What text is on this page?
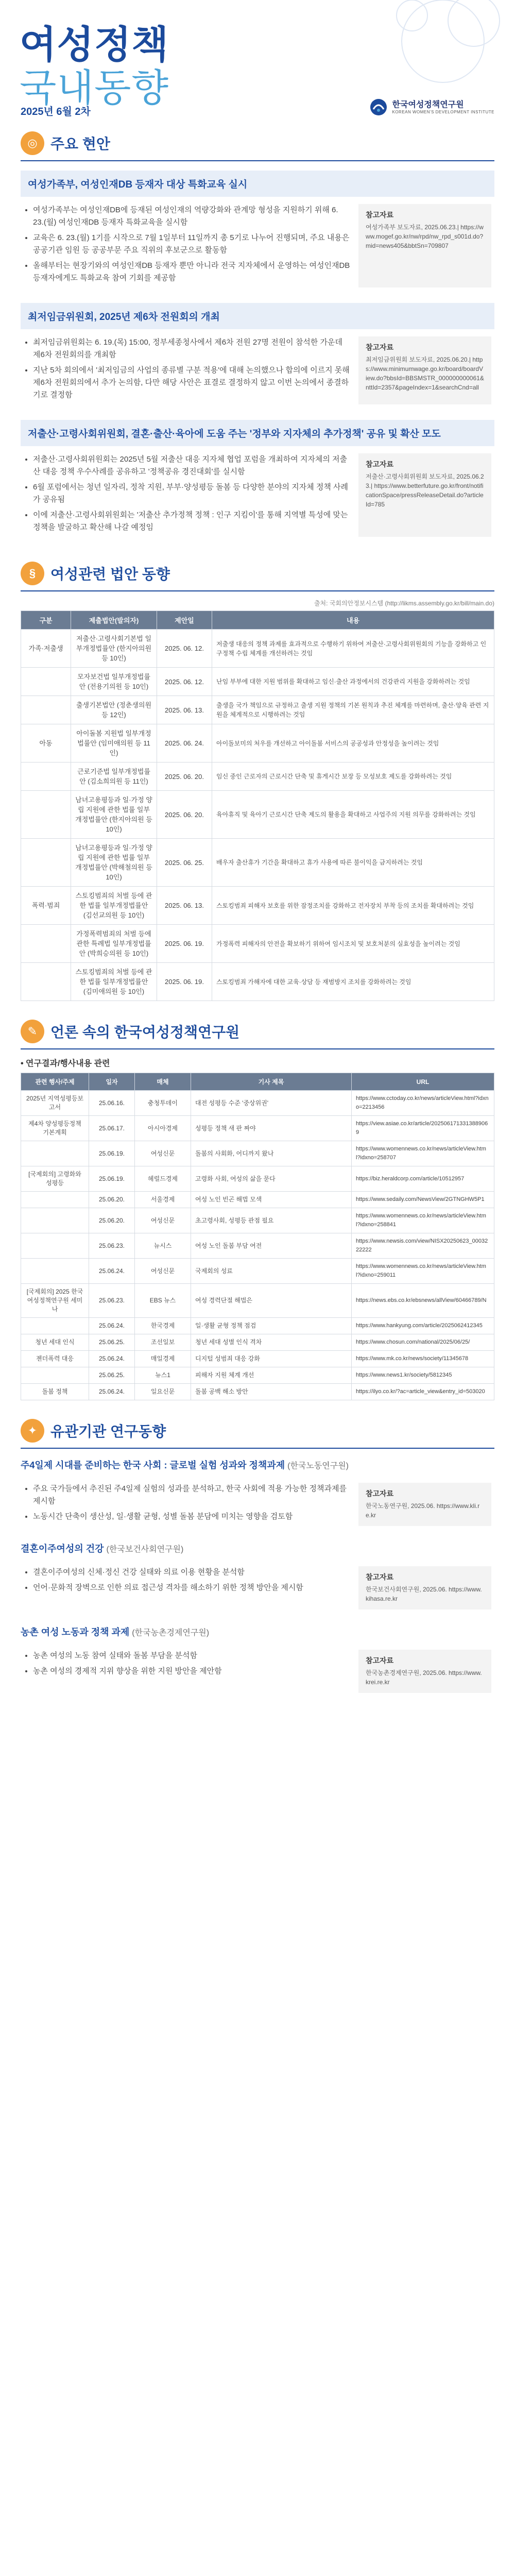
여성정책
국내동향
2025년 6월 2차
한국여성정책연구원
KOREAN WOMEN'S DEVELOPMENT INSTITUTE
◎ 주요 현안
여성가족부, 여성인재DB 등재자 대상 특화교육 실시
• 여성가족부는 여성인재DB에 등재된 여성인재의 역량강화와 관계망 형성을 지원하기 위해 6. 23.(월) 여성인재DB 등재자 특화교육을 실시함
• 교육은 6. 23.(월) 1기를 시작으로 7월 1일부터 11일까지 총 5기로 나누어 진행되며, 주요 내용은 공공기관 임원 등 공공부문 주요 직위의 후보군으로 활동함
• 올해부터는 현장기와의 여성인재DB 등재자 뿐만 아니라 전국 지자체에서 운영하는 여성인재DB 등재자에게도 특화교육 참여 기회를 제공함
참고자료
여성가족부 보도자료, 2025.06.23.| https://www.mogef.go.kr/nw/rpd/nw_rpd_s001d.do?mid=news405&bbtSn=709807
최저임금위원회, 2025년 제6차 전원회의 개최
• 최저임금위원회는 6. 19.(목) 15:00, 정부세종청사에서 제6차 전원 27명 전원이 참석한 가운데 제6차 전원회의를 개최함
• 지난 5차 회의에서 '최저임금의 사업의 종류별 구분 적용'에 대해 논의했으나 합의에 이르지 못해 제6차 전원회의에서 추가 논의함, 다만 해당 사안은 표결로 결정하지 않고 이번 논의에서 종결하기로 결정함
참고자료
최저임금위원회 보도자료, 2025.06.20.| https://www.minimumwage.go.kr/board/boardView.do?bbsId=BBSMSTR_000000000061&nttId=2357&pageIndex=1&searchCnd=all
저출산·고령사회위원회, 결혼·출산·육아에 도움 주는 '정부와 지자체의 추가정책' 공유 및 확산 모도
• 저출산·고령사회위원회는 2025년 5월 저출산 대응 지자체 협업 포럼을 개최하여 지자체의 저출산 대응 정책 우수사례를 공유하고 '정책공유 경진대회'를 실시함
• 6월 포럼에서는 청년 일자리, 정착 지원, 부부·양성평등 돌봄 등 다양한 분야의 지자체 정책 사례가 공유됨
• 이에 저출산·고령사회위원회는 '저출산 추가정책 정책 : 인구 지킴이'를 통해 지역별 특성에 맞는 정책을 발굴하고 확산해 나갈 예정임
참고자료
저출산·고령사회위원회 보도자료, 2025.06.23.| https://www.betterfuture.go.kr/front/notificationSpace/pressReleaseDetail.do?articleId=785
§	여성관련 법안 동향
출처: 국회의안정보시스템 (http://likms.assembly.go.kr/bill/main.do)
구분	제출법안(발의자)	제안일	내용
가족·저출생	저출산·고령사회기본법 일부개정법률안 (한지아의원 등 10인)	2025. 06. 12.	저출생 대응의 정책 과제를 효과적으로 수행하기 위하여 저출산·고령사회위원회의 기능을 강화하고 인구정책 수립 체계를 개선하려는 것임
	모자보건법 일부개정법률안 (전용기의원 등 10인)	2025. 06. 12.	난임 부부에 대한 지원 범위를 확대하고 임신·출산 과정에서의 건강관리 지원을 강화하려는 것임
	출생기본법안 (정춘생의원 등 12인)	2025. 06. 13.	출생을 국가 책임으로 규정하고 출생 지원 정책의 기본 원칙과 추진 체계를 마련하며, 출산·양육 관련 지원을 체계적으로 시행하려는 것임
아동	아이돌봄 지원법 일부개정법률안 (임미애의원 등 11인)	2025. 06. 24.	아이돌보미의 처우를 개선하고 아이돌봄 서비스의 공공성과 안정성을 높이려는 것임
	근로기준법 일부개정법률안 (김소희의원 등 11인)	2025. 06. 20.	임신 중인 근로자의 근로시간 단축 및 휴게시간 보장 등 모성보호 제도를 강화하려는 것임
	남녀고용평등과 일·가정 양립 지원에 관한 법률 일부개정법률안 (한지아의원 등 10인)	2025. 06. 20.	육아휴직 및 육아기 근로시간 단축 제도의 활용을 확대하고 사업주의 지원 의무를 강화하려는 것임
	남녀고용평등과 일·가정 양립 지원에 관한 법률 일부개정법률안 (박해철의원 등 10인)	2025. 06. 25.	배우자 출산휴가 기간을 확대하고 휴가 사용에 따른 불이익을 금지하려는 것임
폭력·범죄	스토킹범죄의 처벌 등에 관한 법률 일부개정법률안 (김선교의원 등 10인)	2025. 06. 13.	스토킹범죄 피해자 보호를 위한 잠정조치를 강화하고 전자장치 부착 등의 조치를 확대하려는 것임
	가정폭력범죄의 처벌 등에 관한 특례법 일부개정법률안 (박희승의원 등 10인)	2025. 06. 19.	가정폭력 피해자의 안전을 확보하기 위하여 임시조치 및 보호처분의 실효성을 높이려는 것임
	스토킹범죄의 처벌 등에 관한 법률 일부개정법률안 (김미애의원 등 10인)	2025. 06. 19.	스토킹범죄 가해자에 대한 교육·상담 등 재범방지 조치를 강화하려는 것임
✎ 언론 속의 한국여성정책연구원
• 연구결과/행사내용 관련
관련 행사/주제	일자	매체	기사 제목	URL
2025년 지역성평등보고서	25.06.16.	충청투데이	대전 성평등 수준 '중상위권'	https://www.cctoday.co.kr/news/articleView.html?idxno=2213456
제4차 양성평등정책 기본계획	25.06.17.	아시아경제	성평등 정책 새 판 짜야	https://view.asiae.co.kr/article/2025061713313889069
	25.06.19.	여성신문	돌봄의 사회화, 어디까지 왔나	https://www.womennews.co.kr/news/articleView.html?idxno=258707
[국제회의] 고령화와 성평등	25.06.19.	헤럴드경제	고령화 사회, 여성의 삶을 묻다	https://biz.heraldcorp.com/article/10512957
	25.06.20.	서울경제	여성 노인 빈곤 해법 모색	https://www.sedaily.com/NewsView/2GTNGHW5P1
	25.06.20.	여성신문	초고령사회, 성평등 관점 필요	https://www.womennews.co.kr/news/articleView.html?idxno=258841
	25.06.23.	뉴시스	여성 노인 돌봄 부담 여전	https://www.newsis.com/view/NISX20250623_0003222222
	25.06.24.	여성신문	국제회의 성료	https://www.womennews.co.kr/news/articleView.html?idxno=259011
[국제회의] 2025 한국여성정책연구원 세미나	25.06.23.	EBS 뉴스	여성 경력단절 해법은	https://news.ebs.co.kr/ebsnews/allView/60466789/N
	25.06.24.	한국경제	일·생활 균형 정책 점검	https://www.hankyung.com/article/2025062412345
청년 세대 인식	25.06.25.	조선일보	청년 세대 성별 인식 격차	https://www.chosun.com/national/2025/06/25/
젠더폭력 대응	25.06.24.	매일경제	디지털 성범죄 대응 강화	https://www.mk.co.kr/news/society/11345678
	25.06.25.	뉴스1	피해자 지원 체계 개선	https://www.news1.kr/society/5812345
돌봄 정책	25.06.24.	일요신문	돌봄 공백 해소 방안	https://ilyo.co.kr/?ac=article_view&entry_id=503020
✦ 유관기관 연구동향
주4일제 시대를 준비하는 한국 사회 : 글로벌 실험 성과와 정책과제 (한국노동연구원)
• 주요 국가들에서 추진된 주4일제 실험의 성과를 분석하고, 한국 사회에 적용 가능한 정책과제를 제시함
• 노동시간 단축이 생산성, 일·생활 균형, 성별 돌봄 분담에 미치는 영향을 검토함
참고자료
한국노동연구원, 2025.06. https://www.kli.re.kr
결혼이주여성의 건강 (한국보건사회연구원)
• 결혼이주여성의 신체·정신 건강 실태와 의료 이용 현황을 분석함
• 언어·문화적 장벽으로 인한 의료 접근성 격차를 해소하기 위한 정책 방안을 제시함
참고자료
한국보건사회연구원, 2025.06. https://www.kihasa.re.kr
농촌 여성 노동과 정책 과제 (한국농촌경제연구원)
• 농촌 여성의 노동 참여 실태와 돌봄 부담을 분석함
• 농촌 여성의 경제적 지위 향상을 위한 지원 방안을 제안함
참고자료
한국농촌경제연구원, 2025.06. https://www.krei.re.kr
